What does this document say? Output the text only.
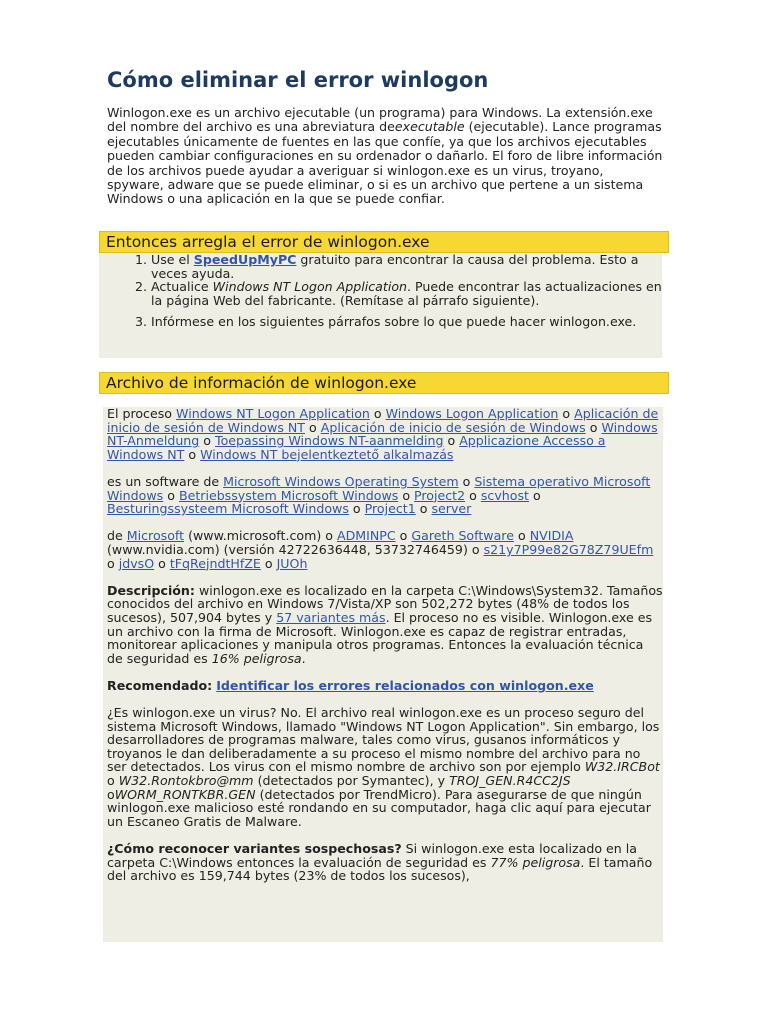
Cómo eliminar el error winlogon

Winlogon.exe es un archivo ejecutable (un programa) para Windows. La extensión.exe del nombre del archivo es una abreviatura deexecutable (ejecutable). Lance programas ejecutables únicamente de fuentes en las que confíe, ya que los archivos ejecutables pueden cambiar configuraciones en su ordenador o dañarlo. El foro de libre información de los archivos puede ayudar a averiguar si winlogon.exe es un virus, troyano, spyware, adware que se puede eliminar, o si es un archivo que pertene a un sistema Windows o una aplicación en la que se puede confiar.

Entonces arregla el error de winlogon.exe
1. Use el SpeedUpMyPC gratuito para encontrar la causa del problema. Esto a veces ayuda.
2. Actualice Windows NT Logon Application. Puede encontrar las actualizaciones en la página Web del fabricante. (Remítase al párrafo siguiente).
3. Infórmese en los siguientes párrafos sobre lo que puede hacer winlogon.exe.
Archivo de información de winlogon.exe

El proceso Windows NT Logon Application o Windows Logon Application o Aplicación de inicio de sesión de Windows NT o Aplicación de inicio de sesión de Windows o Windows NT-Anmeldung o Toepassing Windows NT-aanmelding o Applicazione Accesso a Windows NT o Windows NT bejelentkeztető alkalmazás

es un software de Microsoft Windows Operating System o Sistema operativo Microsoft Windows o Betriebssystem Microsoft Windows o Project2 o scvhost o Besturingssysteem Microsoft Windows o Project1 o server

de Microsoft (www.microsoft.com) o ADMINPC o Gareth Software o NVIDIA (www.nvidia.com) (versión 42722636448, 53732746459) o s21y7P99e82G78Z79UEfm o jdvsO o tFqRejndtHfZE o JUOh

Descripción: winlogon.exe es localizado en la carpeta C:\Windows\System32. Tamaños conocidos del archivo en Windows 7/Vista/XP son 502,272 bytes (48% de todos los sucesos), 507,904 bytes y 57 variantes más. El proceso no es visible. Winlogon.exe es un archivo con la firma de Microsoft. Winlogon.exe es capaz de registrar entradas, monitorear aplicaciones y manipula otros programas. Entonces la evaluación técnica de seguridad es 16% peligrosa.

Recomendado: Identificar los errores relacionados con winlogon.exe

¿Es winlogon.exe un virus? No. El archivo real winlogon.exe es un proceso seguro del sistema Microsoft Windows, llamado "Windows NT Logon Application". Sin embargo, los desarrolladores de programas malware, tales como virus, gusanos informáticos y troyanos le dan deliberadamente a su proceso el mismo nombre del archivo para no ser detectados. Los virus con el mismo nombre de archivo son por ejemplo W32.IRCBot o W32.Rontokbro@mm (detectados por Symantec), y TROJ_GEN.R4CC2JS oWORM_RONTKBR.GEN (detectados por TrendMicro). Para asegurarse de que ningún winlogon.exe malicioso esté rondando en su computador, haga clic aquí para ejecutar un Escaneo Gratis de Malware.

¿Cómo reconocer variantes sospechosas? Si winlogon.exe esta localizado en la carpeta C:\Windows entonces la evaluación de seguridad es 77% peligrosa. El tamaño del archivo es 159,744 bytes (23% de todos los sucesos),
